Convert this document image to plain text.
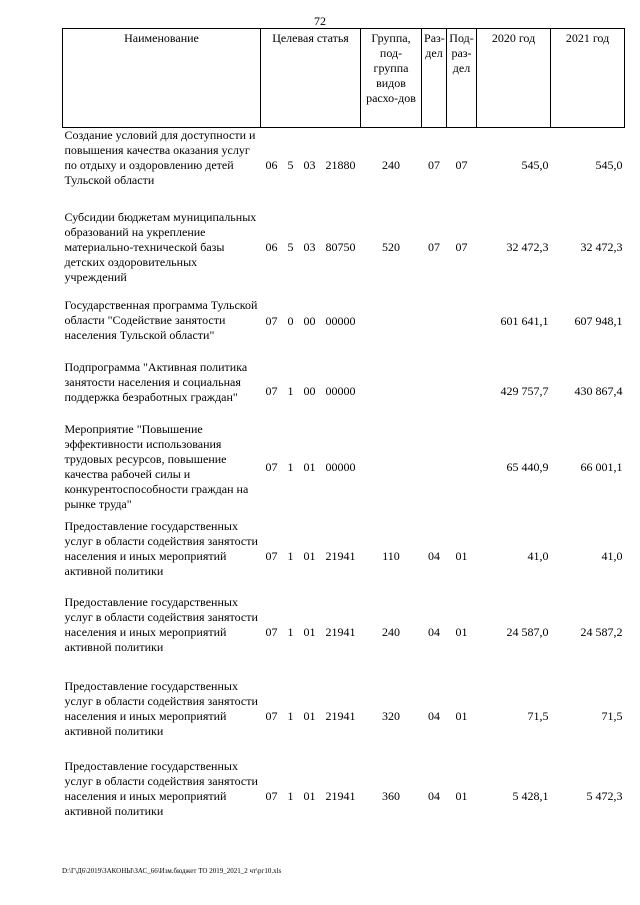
72
Наименование	Целевая статья				Группа, под-группа видов расхо-дов	Раз-дел	Под-раз-дел	2020 год	2021 год
Создание условий для доступности и повышения качества оказания услуг по отдыху и оздоровлению детей Тульской области	06	5	03	21880	240	07	07	545,0	545,0
Субсидии бюджетам муниципальных образований на укрепление материально-технической базы детских оздоровительных учреждений	06	5	03	80750	520	07	07	32 472,3	32 472,3
Государственная программа Тульской области "Содействие занятости населения Тульской области"	07	0	00	00000				601 641,1	607 948,1
Подпрограмма "Активная политика занятости населения и социальная поддержка безработных граждан"	07	1	00	00000				429 757,7	430 867,4
Мероприятие "Повышение эффективности использования трудовых ресурсов, повышение качества рабочей силы и конкурентоспособности граждан на рынке труда"	07	1	01	00000				65 440,9	66 001,1
Предоставление государственных услуг в области содействия занятости населения и иных мероприятий активной политики	07	1	01	21941	110	04	01	41,0	41,0
Предоставление государственных услуг в области содействия занятости населения и иных мероприятий активной политики	07	1	01	21941	240	04	01	24 587,0	24 587,2
Предоставление государственных услуг в области содействия занятости населения и иных мероприятий активной политики	07	1	01	21941	320	04	01	71,5	71,5
Предоставление государственных услуг в области содействия занятости населения и иных мероприятий активной политики	07	1	01	21941	360	04	01	5 428,1	5 472,3
D:\Г\Д6\2019\ЗАКОНЫ\ЗАС_66\Изм.бюджет ТО 2019_2021_2 чт\рг10.xls
